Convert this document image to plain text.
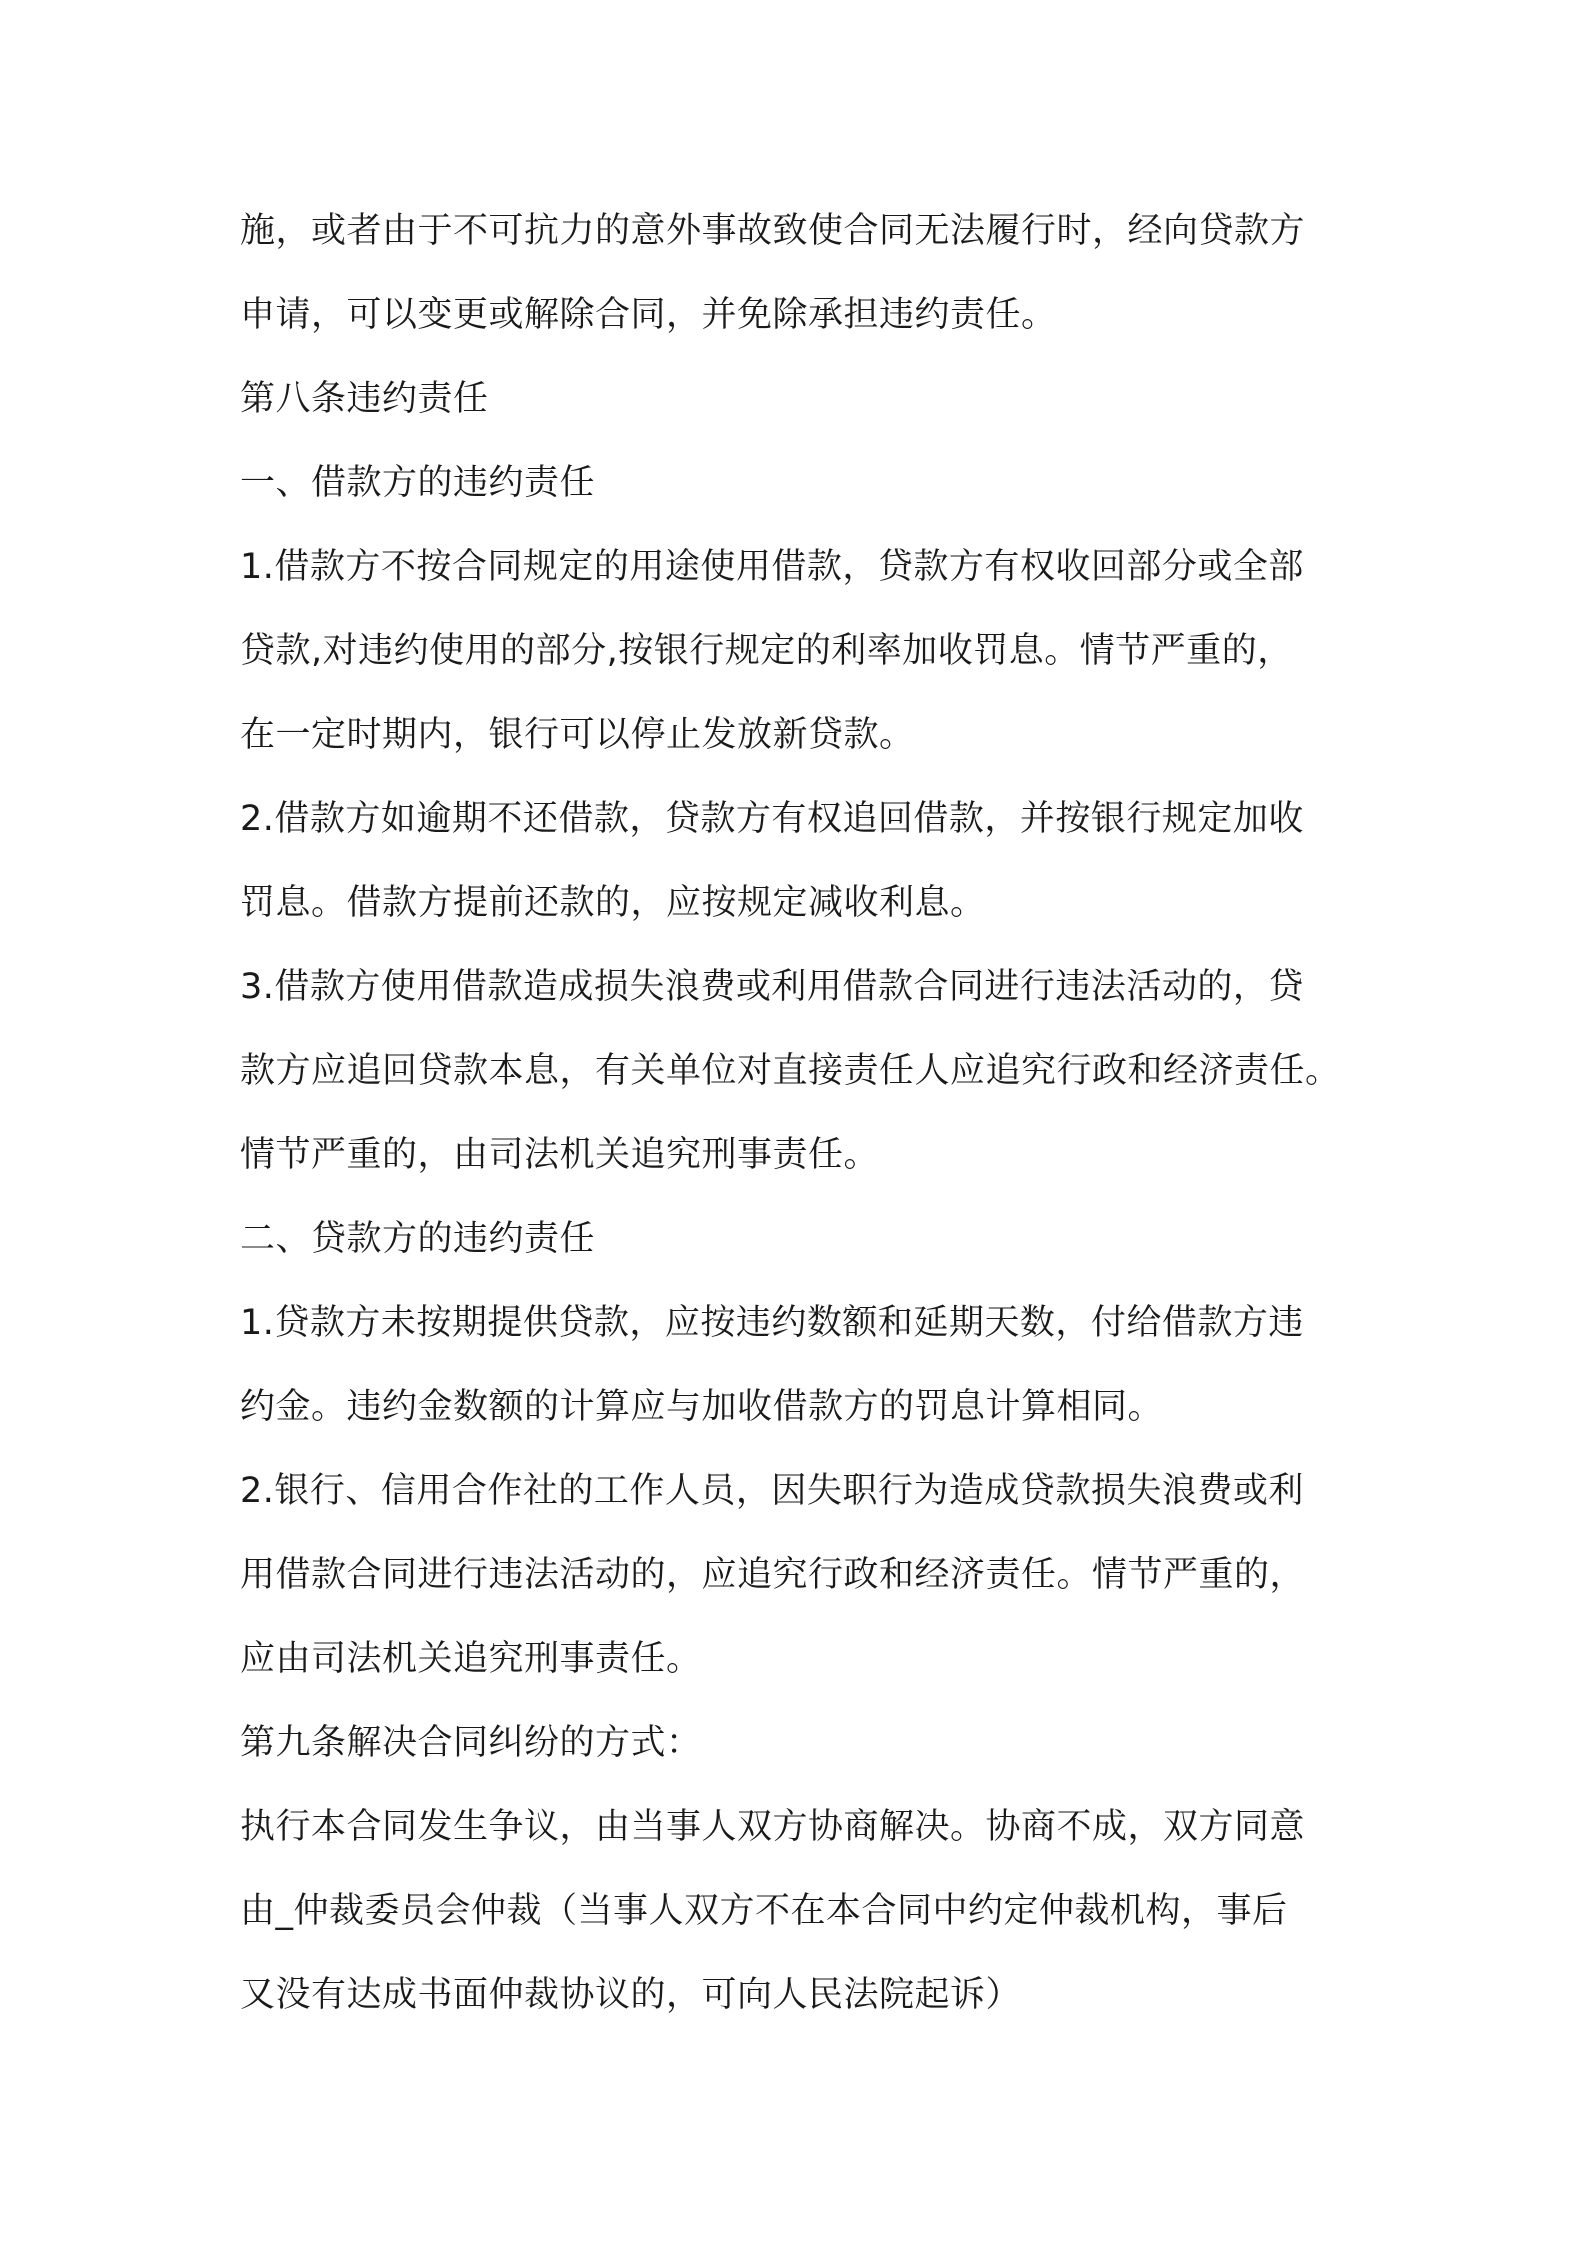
施，或者由于不可抗力的意外事故致使合同无法履行时，经向贷款方
申请，可以变更或解除合同，并免除承担违约责任。
第八条违约责任
一、借款方的违约责任
1.借款方不按合同规定的用途使用借款，贷款方有权收回部分或全部
贷款,对违约使用的部分,按银行规定的利率加收罚息。情节严重的，
在一定时期内，银行可以停止发放新贷款。
2.借款方如逾期不还借款，贷款方有权追回借款，并按银行规定加收
罚息。借款方提前还款的，应按规定减收利息。
3.借款方使用借款造成损失浪费或利用借款合同进行违法活动的，贷
款方应追回贷款本息，有关单位对直接责任人应追究行政和经济责任。
情节严重的，由司法机关追究刑事责任。
二、贷款方的违约责任
1.贷款方未按期提供贷款，应按违约数额和延期天数，付给借款方违
约金。违约金数额的计算应与加收借款方的罚息计算相同。
2.银行、信用合作社的工作人员，因失职行为造成贷款损失浪费或利
用借款合同进行违法活动的，应追究行政和经济责任。情节严重的，
应由司法机关追究刑事责任。
第九条解决合同纠纷的方式：
执行本合同发生争议，由当事人双方协商解决。协商不成，双方同意
由_仲裁委员会仲裁（当事人双方不在本合同中约定仲裁机构，事后
又没有达成书面仲裁协议的，可向人民法院起诉）
